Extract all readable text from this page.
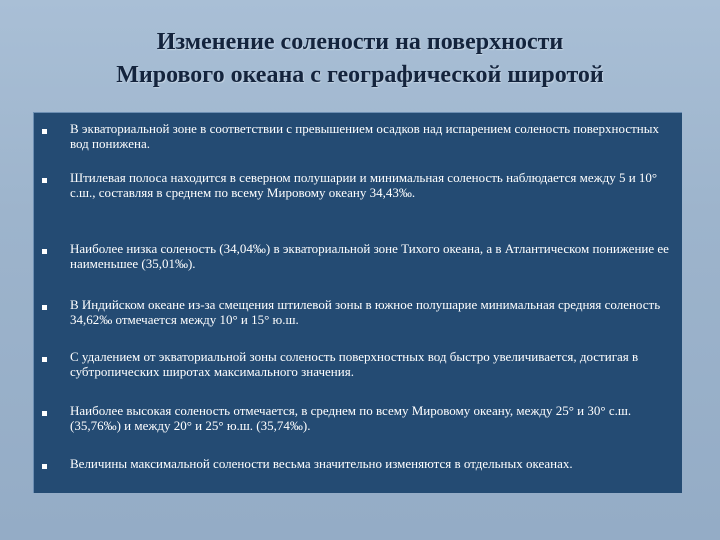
Изменение солености на поверхности
Мирового океана с географической широтой
В экваториальной зоне в соответствии с превышением осадков над испарением соленость поверхностных вод понижена.
Штилевая полоса находится в северном полушарии и минимальная соленость наблюдается между 5 и 10° с.ш., составляя в среднем по всему Мировому океану 34,43‰.
Наиболее низка соленость (34,04‰) в экваториальной зоне Тихого океана, а в Атлантическом понижение ее наименьшее (35,01‰).
В Индийском океане из-за смещения штилевой зоны в южное полушарие минимальная средняя соленость 34,62‰ отмечается между 10° и 15° ю.ш.
С удалением от экваториальной зоны соленость поверхностных вод быстро увеличивается, достигая в субтропических широтах максимального значения.
Наиболее высокая соленость отмечается, в среднем по всему Мировому океану, между 25° и 30° с.ш. (35,76‰) и между 20° и 25° ю.ш. (35,74‰).
Величины максимальной солености весьма значительно изменяются в отдельных океанах.
